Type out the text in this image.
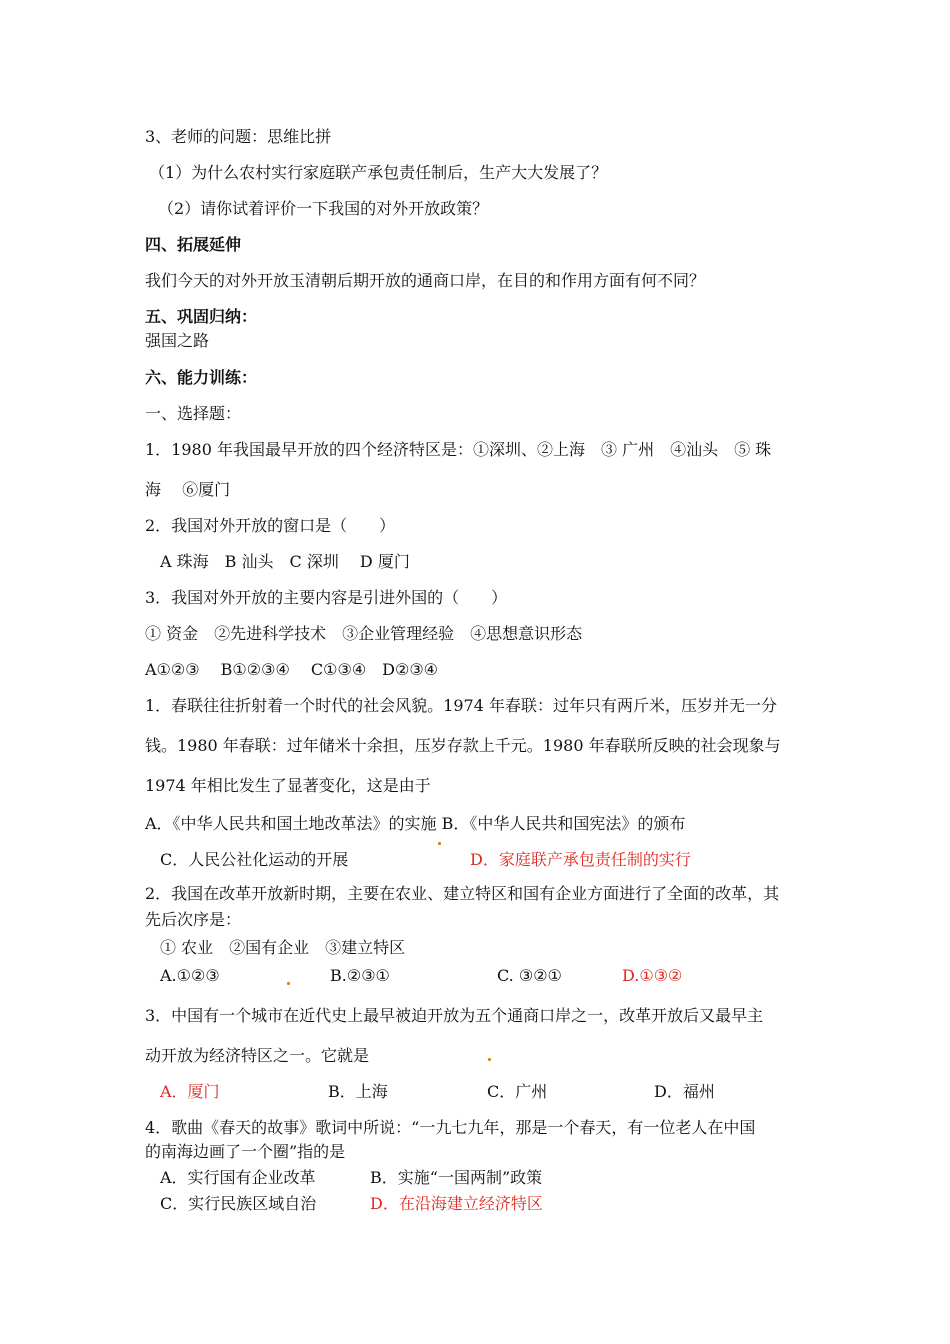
3、老师的问题：思维比拼
（1）为什么农村实行家庭联产承包责任制后，生产大大发展了？
（2）请你试着评价一下我国的对外开放政策？
四、拓展延伸
我们今天的对外开放玉清朝后期开放的通商口岸，在目的和作用方面有何不同？
五、巩固归纳：
强国之路
六、能力训练：
一、选择题：
1．1980 年我国最早开放的四个经济特区是：①深圳、②上海　③ 广州　④汕头　⑤ 珠
海　 ⑥厦门
2．我国对外开放的窗口是（　　）
A 珠海　B 汕头　C 深圳　 D 厦门
3．我国对外开放的主要内容是引进外国的（　　）
① 资金　②先进科学技术　③企业管理经验　④思想意识形态
A①②③　 B①②③④　 C①③④　D②③④
1．春联往往折射着一个时代的社会风貌。1974 年春联：过年只有两斤米，压岁并无一分
钱。1980 年春联：过年储米十余担，压岁存款上千元。1980 年春联所反映的社会现象与
1974 年相比发生了显著变化，这是由于
A．《中华人民共和国土地改革法》的实施 B．《中华人民共和国宪法》的颁布
C．人民公社化运动的开展	D．家庭联产承包责任制的实行
2．我国在改革开放新时期，主要在农业、建立特区和国有企业方面进行了全面的改革，其
先后次序是：
① 农业　②国有企业　③建立特区
A.①②③	B.②③①	C. ③②①	D.①③②
3．中国有一个城市在近代史上最早被迫开放为五个通商口岸之一，改革开放后又最早主
动开放为经济特区之一。它就是
A．厦门	B．上海	C．广州	D．福州
4．歌曲《春天的故事》歌词中所说：“一九七九年，那是一个春天，有一位老人在中国
的南海边画了一个圈”指的是
A．实行国有企业改革	B．实施“一国两制”政策
C．实行民族区域自治	D．在沿海建立经济特区
